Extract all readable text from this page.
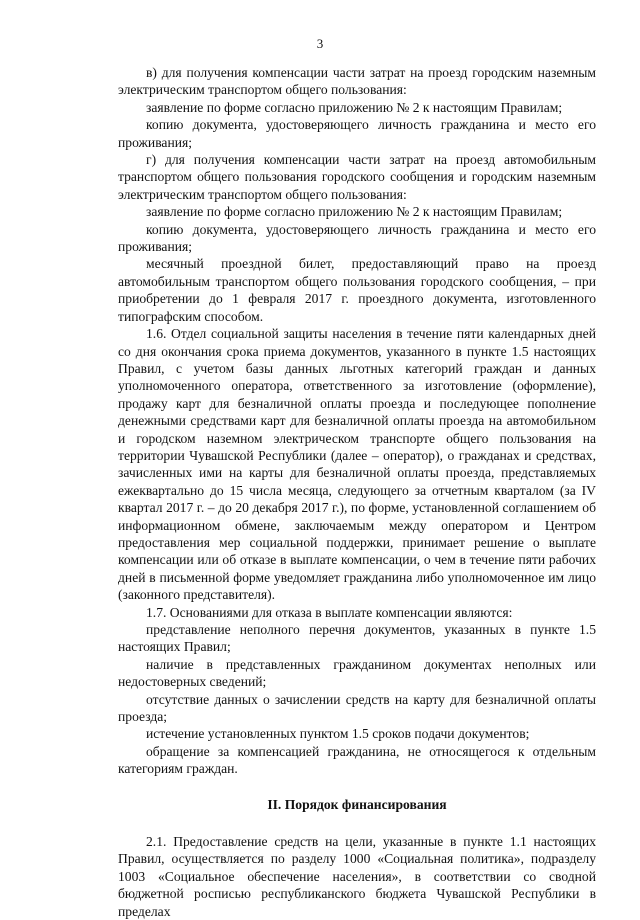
3

в) для получения компенсации части затрат на проезд городским наземным электрическим транспортом общего пользования:

заявление по форме согласно приложению № 2 к настоящим Правилам;

копию документа, удостоверяющего личность гражданина и место его проживания;

г) для получения компенсации части затрат на проезд автомобильным транспортом общего пользования городского сообщения и городским наземным электрическим транспортом общего пользования:

заявление по форме согласно приложению № 2 к настоящим Правилам;

копию документа, удостоверяющего личность гражданина и место его проживания;

месячный проездной билет, предоставляющий право на проезд автомобильным транспортом общего пользования городского сообщения, – при приобретении до 1 февраля 2017 г. проездного документа, изготовленного типографским способом.

1.6. Отдел социальной защиты населения в течение пяти календарных дней со дня окончания срока приема документов, указанного в пункте 1.5 настоящих Правил, с учетом базы данных льготных категорий граждан и данных уполномоченного оператора, ответственного за изготовление (оформление), продажу карт для безналичной оплаты проезда и последующее пополнение денежными средствами карт для безналичной оплаты проезда на автомобильном и городском наземном электрическом транспорте общего пользования на территории Чувашской Республики (далее – оператор), о гражданах и средствах, зачисленных ими на карты для безналичной оплаты проезда, представляемых ежеквартально до 15 числа месяца, следующего за отчетным кварталом (за IV квартал 2017 г. – до 20 декабря 2017 г.), по форме, установленной соглашением об информационном обмене, заключаемым между оператором и Центром предоставления мер социальной поддержки, принимает решение о выплате компенсации или об отказе в выплате компенсации, о чем в течение пяти рабочих дней в письменной форме уведомляет гражданина либо уполномоченное им лицо (законного представителя).

1.7. Основаниями для отказа в выплате компенсации являются:

представление неполного перечня документов, указанных в пункте 1.5 настоящих Правил;

наличие в представленных гражданином документах неполных или недостоверных сведений;

отсутствие данных о зачислении средств на карту для безналичной оплаты проезда;

истечение установленных пунктом 1.5 сроков подачи документов;

обращение за компенсацией гражданина, не относящегося к отдельным категориям граждан.

II. Порядок финансирования

2.1. Предоставление средств на цели, указанные в пункте 1.1 настоящих Правил, осуществляется по разделу 1000 «Социальная политика», подразделу 1003 «Социальное обеспечение населения», в соответствии со сводной бюджетной росписью республиканского бюджета Чувашской Республики в пределах
